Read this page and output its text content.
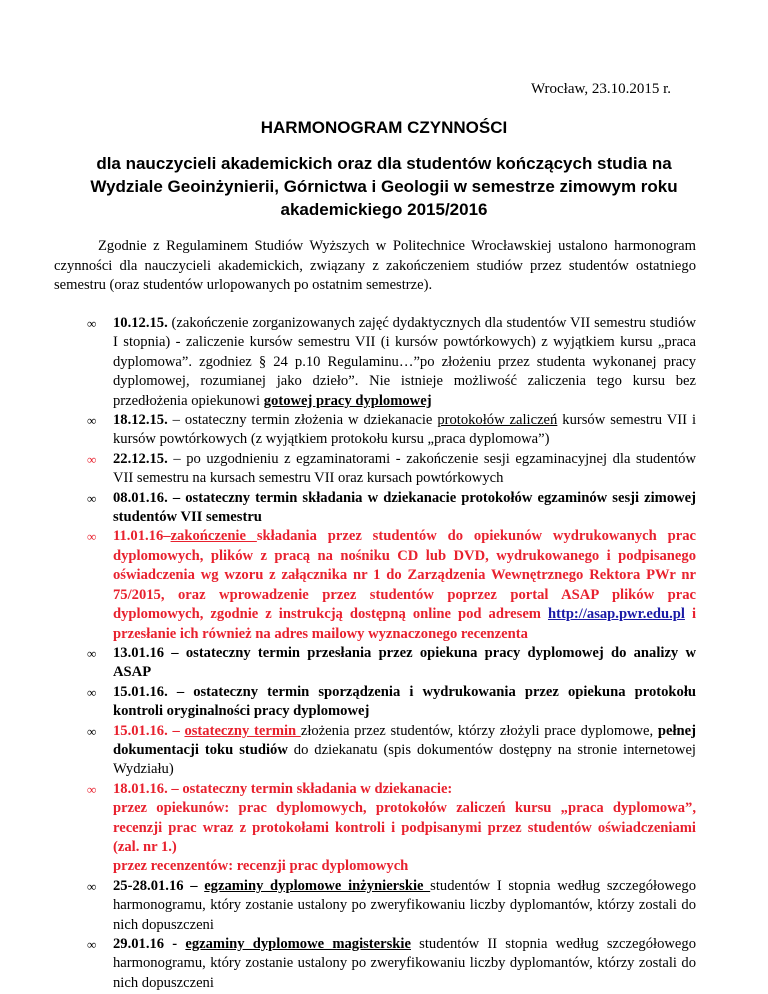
Wrocław, 23.10.2015 r.
HARMONOGRAM CZYNNOŚCI
dla nauczycieli akademickich oraz dla studentów kończących studia na Wydziale Geoinżynierii, Górnictwa i Geologii w semestrze zimowym roku akademickiego 2015/2016
Zgodnie z Regulaminem Studiów Wyższych w Politechnice Wrocławskiej ustalono harmonogram czynności dla nauczycieli akademickich, związany z zakończeniem studiów przez studentów ostatniego semestru (oraz studentów urlopowanych po ostatnim semestrze).
∞ 10.12.15. (zakończenie zorganizowanych zajęć dydaktycznych dla studentów VII semestru studiów I stopnia) - zaliczenie kursów semestru VII (i kursów powtórkowych) z wyjątkiem kursu „praca dyplomowa”. zgodniez § 24 p.10 Regulaminu…”po złożeniu przez studenta wykonanej pracy dyplomowej, rozumianej jako dzieło”. Nie istnieje możliwość zaliczenia tego kursu bez przedłożenia opiekunowi gotowej pracy dyplomowej
∞ 18.12.15. – ostateczny termin złożenia w dziekanacie protokołów zaliczeń kursów semestru VII i kursów powtórkowych (z wyjątkiem protokołu kursu „praca dyplomowa”)
∞ 22.12.15. – po uzgodnieniu z egzaminatorami - zakończenie sesji egzaminacyjnej dla studentów VII semestru na kursach semestru VII oraz kursach powtórkowych
∞ 08.01.16. – ostateczny termin składania w dziekanacie protokołów egzaminów sesji zimowej studentów VII semestru
∞ 11.01.16–zakończenie składania przez studentów do opiekunów wydrukowanych prac dyplomowych, plików z pracą na nośniku CD lub DVD, wydrukowanego i podpisanego oświadczenia wg wzoru z załącznika nr 1 do Zarządzenia Wewnętrznego Rektora PWr nr 75/2015, oraz wprowadzenie przez studentów poprzez portal ASAP plików prac dyplomowych, zgodnie z instrukcją dostępną online pod adresem http://asap.pwr.edu.pl i przesłanie ich również na adres mailowy wyznaczonego recenzenta
∞ 13.01.16 – ostateczny termin przesłania przez opiekuna pracy dyplomowej do analizy w ASAP
∞ 15.01.16. – ostateczny termin sporządzenia i wydrukowania przez opiekuna protokołu kontroli oryginalności pracy dyplomowej
∞ 15.01.16. – ostateczny termin złożenia przez studentów, którzy złożyli prace dyplomowe, pełnej dokumentacji toku studiów do dziekanatu (spis dokumentów dostępny na stronie internetowej Wydziału)
∞ 18.01.16. – ostateczny termin składania w dziekanacie:
przez opiekunów: prac dyplomowych, protokołów zaliczeń kursu „praca dyplomowa”, recenzji prac wraz z protokołami kontroli i podpisanymi przez studentów oświadczeniami (zal. nr 1.)
przez recenzentów: recenzji prac dyplomowych
∞ 25-28.01.16 – egzaminy dyplomowe inżynierskie studentów I stopnia według szczegółowego harmonogramu, który zostanie ustalony po zweryfikowaniu liczby dyplomantów, którzy zostali do nich dopuszczeni
∞ 29.01.16 - egzaminy dyplomowe magisterskie studentów II stopnia według szczegółowego harmonogramu, który zostanie ustalony po zweryfikowaniu liczby dyplomantów, którzy zostali do nich dopuszczeni
